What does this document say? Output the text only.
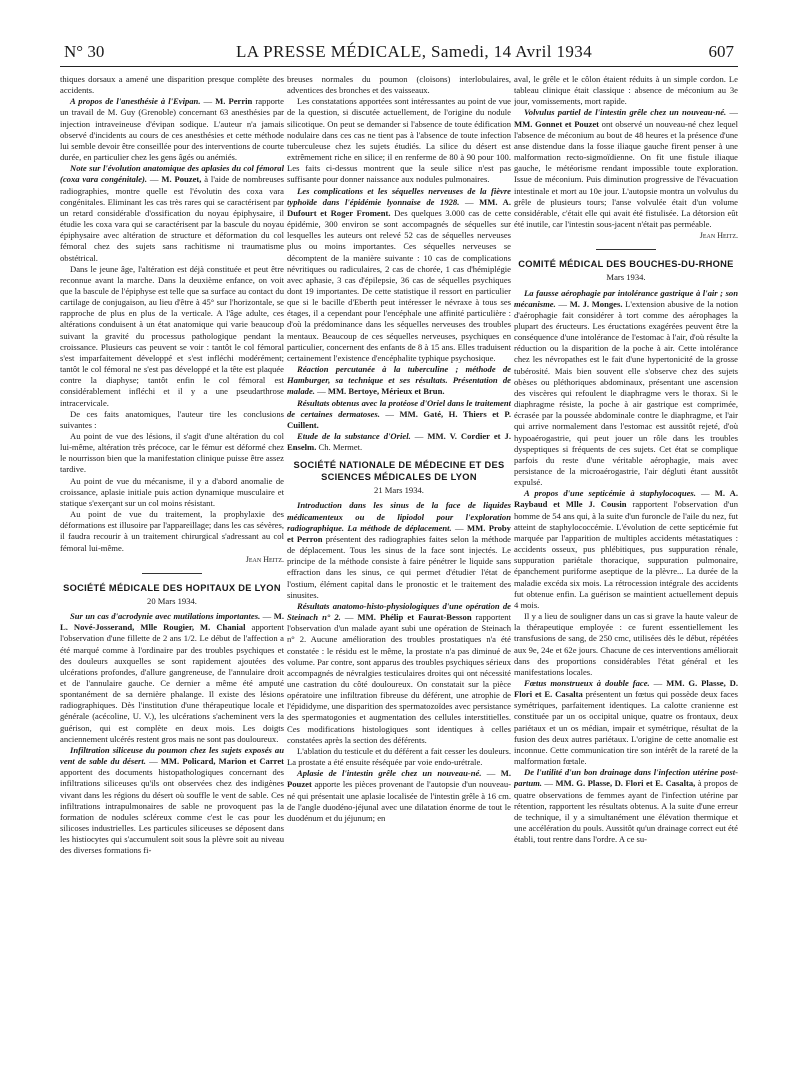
N° 30	LA PRESSE MÉDICALE, Samedi, 14 Avril 1934	607

thiques dorsaux a amené une disparition presque complète des accidents.

A propos de l'anesthésie à l'Evipan. — M. Perrin rapporte un travail de M. Guy (Grenoble) concernant 63 anesthésies par injection intraveineuse d'évipan sodique. L'auteur n'a jamais observé d'incidents au cours de ces anesthésies et cette méthode lui semble devoir être conseillée pour des interventions de courte durée, en particulier chez les gens âgés ou anémiés.

Note sur l'évolution anatomique des aplasies du col fémoral (coxa vara congénitale). — M. Pouzet, à l'aide de nombreuses radiographies, montre quelle est l'évolutin des coxa vara congénitales. Eliminant les cas très rares qui se caractérisent par un retard considérable d'ossification du noyau épiphysaire, il étudie les coxa vara qui se caractérisent par la bascule du noyau épiphysaire avec altération de structure et déformation du col fémoral chez des sujets sans rachitisme ni traumatisme obstétrical.

Dans le jeune âge, l'altération est déjà constituée et peut être reconnue avant la marche. Dans la deuxième enfance, on voit que la bascule de l'épiphyse est telle que sa surface au contact du cartilage de conjugaison, au lieu d'être à 45° sur l'horizontale, se rapproche de plus en plus de la verticale. A l'âge adulte, ces altérations conduisent à un état anatomique qui varie beaucoup suivant la gravité du processus pathologique pendant la croissance. Plusieurs cas peuvent se voir : tantôt le col fémoral s'est imparfaitement développé et s'est infléchi modérément; tantôt le col fémoral ne s'est pas développé et la tête est plaquée contre la diaphyse; tantôt enfin le col fémoral est considérablement infléchi et il y a une pseudarthrose intracervicale.

De ces faits anatomiques, l'auteur tire les conclusions suivantes :

Au point de vue des lésions, il s'agit d'une altération du col lui-même, altération très précoce, car le fémur est déformé chez le nourrisson bien que la manifestation clinique puisse être assez tardive.

Au point de vue du mécanisme, il y a d'abord anomalie de croissance, aplasie initiale puis action dynamique musculaire et statique s'exerçant sur un col moins résistant.

Au point de vue du traitement, la prophylaxie des déformations est illusoire par l'appareillage; dans les cas sévères, il faudra recourir à un traitement chirurgical s'adressant au col fémoral lui-même.

Jean Heitz.
SOCIÉTÉ MÉDICALE DES HOPITAUX DE LYON
20 Mars 1934.

Sur un cas d'acrodynie avec mutilations importantes. — M. L. Nové-Josserand, Mlle Rougier, M. Chanial apportent l'observation d'une fillette de 2 ans 1/2. Le début de l'affection a été marqué comme à l'ordinaire par des troubles psychiques et des douleurs auxquelles se sont rapidement ajoutées des ulcérations profondes, d'allure gangreneuse, de l'annulaire droit et de l'annulaire gauche. Ce dernier a même été amputé spontanément de sa dernière phalange. Il existe des lésions radiographiques. Dès l'institution d'une thérapeutique locale et générale (acécoline, U. V.), les ulcérations s'acheminent vers la guérison, qui est complète en deux mois. Les doigts anciennement ulcérés restent gros mais ne sont pas douloureux.

Infiltration siliceuse du poumon chez les sujets exposés au vent de sable du désert. — MM. Policard, Marion et Carret apportent des documents histopathologiques concernant des infiltrations siliceuses qu'ils ont observées chez des indigènes vivant dans les régions du désert où souffle le vent de sable. Ces infiltrations intrapulmonaires de sable ne provoquent pas la formation de nodules scléreux comme c'est le cas pour les silicoses industrielles. Les particules siliceuses se déposent dans les histiocytes qui s'accumulent soit sous la plèvre soit au niveau des diverses formations fi-

breuses normales du poumon (cloisons) interlobulaires, adventices des bronches et des vaisseaux.

Les constatations apportées sont intéressantes au point de vue de la question, si discutée actuellement, de l'origine du nodule silicotique. On peut se demander si l'absence de toute édification nodulaire dans ces cas ne tient pas à l'absence de toute infection tuberculeuse chez les sujets étudiés. La silice du désert est extrêmement riche en silice; il en renferme de 80 à 90 pour 100. Les faits ci-dessus montrent que la seule silice n'est pas suffisante pour donner naissance aux nodules pulmonaires.

Les complications et les séquelles nerveuses de la fièvre typhoïde dans l'épidémie lyonnaise de 1928. — MM. A. Dufourt et Roger Froment. Des quelques 3.000 cas de cette épidémie, 300 environ se sont accompagnés de séquelles sur lesquelles les auteurs ont relevé 52 cas de séquelles nerveuses plus ou moins importantes. Ces séquelles nerveuses se décomptent de la manière suivante : 10 cas de complications névritiques ou radiculaires, 2 cas de chorée, 1 cas d'hémiplégie avec aphasie, 3 cas d'épilepsie, 36 cas de séquelles psychiques dont 19 importantes. De cette statistique il ressort en particulier que si le bacille d'Eberth peut intéresser le névraxe à tous ses étages, il a cependant pour l'encéphale une affinité particulière : d'où la prédominance dans les séquelles nerveuses des troubles mentaux. Beaucoup de ces séquelles nerveuses, psychiques en particulier, concernent des enfants de 8 à 15 ans. Elles traduisent certainement l'existence d'encéphalite typhique psychosique.

Réaction percutanée à la tuberculine ; méthode de Hamburger, sa technique et ses résultats. Présentation de malade. — MM. Bertoye, Mérieux et Brun.

Résultats obtenus avec la protéose d'Oriel dans le traitement de certaines dermatoses. — MM. Gaté, H. Thiers et P. Cuillent.

Etude de la substance d'Oriel. — MM. V. Cordier et J. Enselm. Ch. Mermet.

SOCIÉTÉ NATIONALE DE MÉDECINE ET DES SCIENCES MÉDICALES DE LYON
21 Mars 1934.

Introduction dans les sinus de la face de liquides médicamenteux ou de lipiodol pour l'exploration radiographique. La méthode de déplacement. — MM. Proby et Perron présentent des radiographies faites selon la méthode de déplacement. Tous les sinus de la face sont injectés. Le principe de la méthode consiste à faire pénétrer le liquide sans effraction dans les sinus, ce qui permet d'étudier l'état de l'ostium, élément capital dans le pronostic et le traitement des sinusites.

Résultats anatomo-histo-physiologiques d'une opération de Steinach n° 2. — MM. Phélip et Faurat-Besson rapportent l'observation d'un malade ayant subi une opération de Steinach n° 2. Aucune amélioration des troubles prostatiques n'a été constatée : le résidu est le même, la prostate n'a pas diminué de volume. Par contre, sont apparus des troubles psychiques sérieux accompagnés de névralgies testiculaires droites qui ont nécessité une castration du côté douloureux. On constatait sur la pièce opératoire une infiltration fibreuse du déférent, une atrophie de l'épididyme, une disparition des spermatozoïdes avec persistance des spermatogonies et augmentation des cellules interstitielles. Ces modifications histologiques sont identiques à celles constatées après la section des déférents.

L'ablation du testicule et du déférent a fait cesser les douleurs. La prostate a été ensuite réséquée par voie endo-urétrale.

Aplasie de l'intestin grêle chez un nouveau-né. — M. Pouzet apporte les pièces provenant de l'autopsie d'un nouveau-né qui présentait une aplasie localisée de l'intestin grêle à 16 cm. de l'angle duodéno-jéjunal avec une dilatation énorme de tout le duodénum et du jéjunum; en

aval, le grêle et le côlon étaient réduits à un simple cordon. Le tableau clinique était classique : absence de méconium au 3e jour, vomissements, mort rapide.

Volvulus partiel de l'intestin grêle chez un nouveau-né. — MM. Gonnet et Pouzet ont observé un nouveau-né chez lequel l'absence de méconium au bout de 48 heures et la présence d'une anse distendue dans la fosse iliaque gauche firent penser à une malformation recto-sigmoïdienne. On fit une fistule iliaque gauche, le météorisme rendant impossible toute exploration. Issue de méconium. Puis diminution progressive de l'évacuation intestinale et mort au 10e jour. L'autopsie montra un volvulus du grêle de plusieurs tours; l'anse volvulée était d'un volume considérable, c'était elle qui avait été fistulisée. La détorsion eût été inutile, car l'intestin sous-jacent n'était pas perméable.

Jean Heitz.
COMITÉ MÉDICAL DES BOUCHES-DU-RHONE
Mars 1934.

La fausse aérophagie par intolérance gastrique à l'air ; son mécanisme. — M. J. Monges. L'extension abusive de la notion d'aérophagie fait considérer à tort comme des aérophages la plupart des éructeurs. Les éructations exagérées peuvent être la conséquence d'une intolérance de l'estomac à l'air, d'où résulte la réduction ou la disparition de la poche à air. Cette intolérance chez les névropathes est le fait d'une hypertonicité de la grosse tubérosité. Mais bien souvent elle s'observe chez des sujets obèses ou pléthoriques abdominaux, présentant une ascension des viscères qui refoulent le diaphragme vers le thorax. Si le diaphragme résiste, la poche à air gastrique est comprimée, écrasée par la poussée abdominale contre le diaphragme, et l'air qui arrive normalement dans l'estomac est aussitôt rejeté, d'où hypoaérogastrie, qui peut jouer un rôle dans les troubles dyspeptiques si fréquents de ces sujets. Cet état se complique parfois du reste d'une véritable aérophagie, mais avec persistance de la microaérogastrie, l'air dégluti étant aussitôt expulsé.

A propos d'une septicémie à staphylocoques. — M. A. Raybaud et Mlle J. Cousin rapportent l'observation d'un homme de 54 ans qui, à la suite d'un furoncle de l'aile du nez, fut atteint de staphylococcémie. L'évolution de cette septicémie fut marquée par l'apparition de multiples accidents métastatiques : accidents osseux, pus phlébitiques, pus suppuration rénale, suppuration pariétale thoracique, suppuration pulmonaire, épanchement puriforme aseptique de la plèvre... La durée de la maladie excéda six mois. La rétrocession intégrale des accidents fut obtenue enfin. La guérison se maintient actuellement depuis 4 mois.

Il y a lieu de souligner dans un cas si grave la haute valeur de la thérapeutique employée : ce furent essentiellement les transfusions de sang, de 250 cmc, utilisées dès le début, répétées aux 9e, 24e et 62e jours. Chacune de ces interventions améliorait dans des proportions considérables l'état général et les manifestations locales.

Fœtus monstrueux à double face. — MM. G. Plasse, D. Flori et E. Casalta présentent un fœtus qui possède deux faces symétriques, parfaitement identiques. La calotte cranienne est constituée par un os occipital unique, quatre os frontaux, deux pariétaux et un os médian, impair et symétrique, résultat de la fusion des deux autres pariétaux. L'origine de cette anomalie est inconnue. Cette communication tire son intérêt de la rareté de la malformation fœtale.

De l'utilité d'un bon drainage dans l'infection utérine post-partum. — MM. G. Plasse, D. Flori et E. Casalta, à propos de quatre observations de femmes ayant de l'infection utérine par rétention, rapportent les résultats obtenus. A la suite d'une erreur de technique, il y a simultanément une élévation thermique et une accélération du pouls. Aussitôt qu'un drainage correct eut été établi, tout rentre dans l'ordre. A ce su-
